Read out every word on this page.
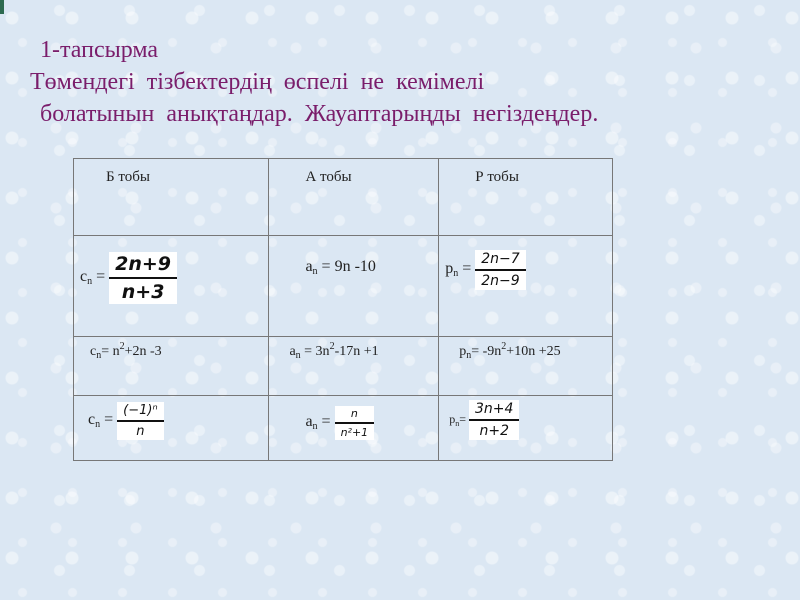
1-тапсырма
Төмендегі тізбектердің өспелі не кемімелі
болатынын анықтаңдар. Жауаптарыңды негіздеңдер.
Б тобы	А тобы	Р тобы

$c_n = \frac{2n+9}{n+3}$	$a_n = 9n$ -10	$p_n = \frac{2n-7}{2n-9}$

$c_n= n^2+2n$ -3	$a_n = 3n^2-17n +1$	$p_n= -9n^2+10n +25$

$c_n = \frac{\text{(−1)ⁿ}}{n}$	$a_n = \frac{n}{\text{n²+1}}$	$p_n= \frac{3n+4}{n+2}$
